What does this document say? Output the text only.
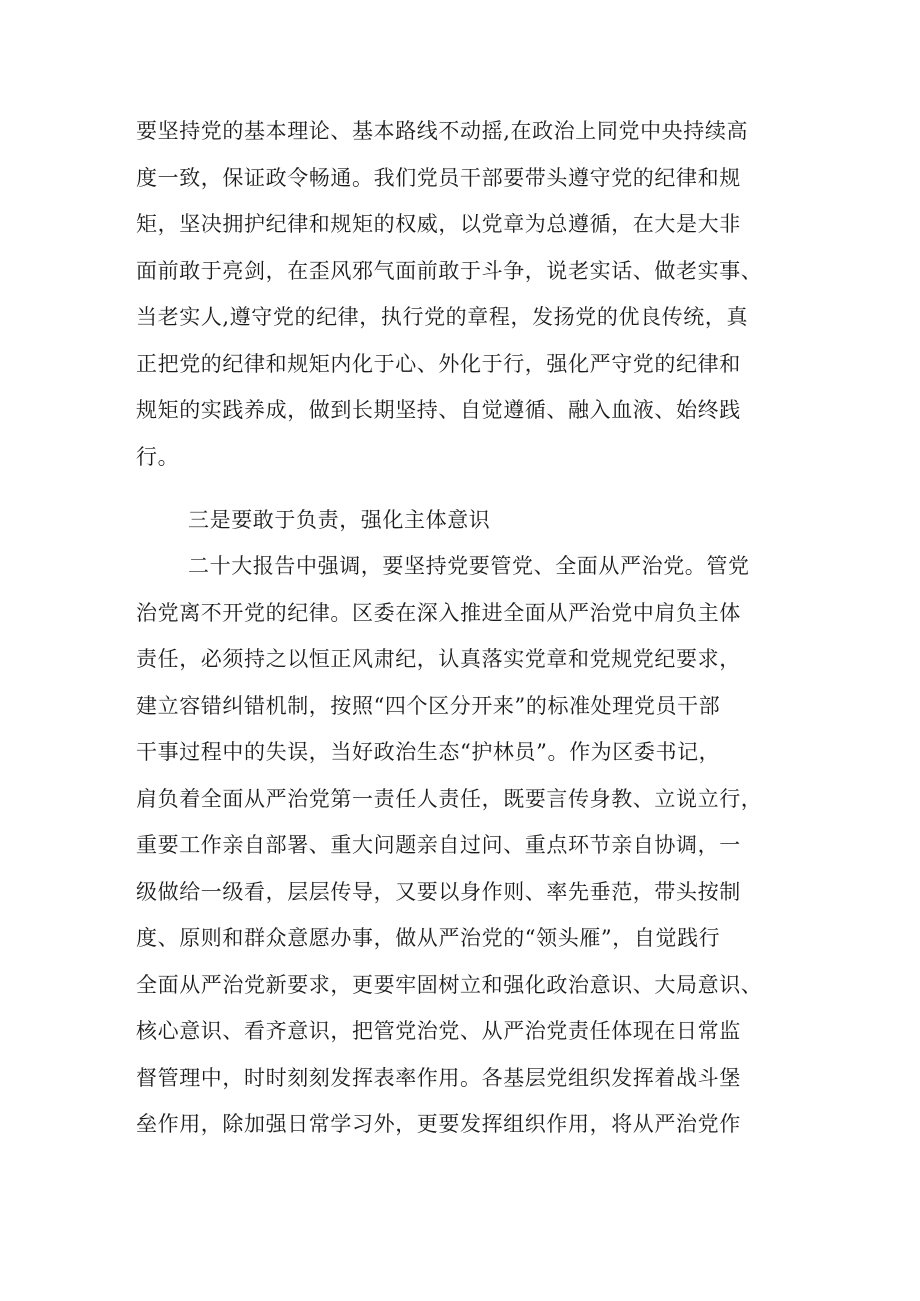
要坚持党的基本理论、基本路线不动摇,在政治上同党中央持续高
度一致，保证政令畅通。我们党员干部要带头遵守党的纪律和规
矩，坚决拥护纪律和规矩的权威，以党章为总遵循，在大是大非
面前敢于亮剑，在歪风邪气面前敢于斗争，说老实话、做老实事、
当老实人,遵守党的纪律，执行党的章程，发扬党的优良传统，真
正把党的纪律和规矩内化于心、外化于行，强化严守党的纪律和
规矩的实践养成，做到长期坚持、自觉遵循、融入血液、始终践
行。
三是要敢于负责，强化主体意识
二十大报告中强调，要坚持党要管党、全面从严治党。管党
治党离不开党的纪律。区委在深入推进全面从严治党中肩负主体
责任，必须持之以恒正风肃纪，认真落实党章和党规党纪要求，
建立容错纠错机制，按照“四个区分开来”的标准处理党员干部
干事过程中的失误，当好政治生态“护林员”。作为区委书记，
肩负着全面从严治党第一责任人责任，既要言传身教、立说立行，
重要工作亲自部署、重大问题亲自过问、重点环节亲自协调，一
级做给一级看，层层传导，又要以身作则、率先垂范，带头按制
度、原则和群众意愿办事，做从严治党的“领头雁”，自觉践行
全面从严治党新要求，更要牢固树立和强化政治意识、大局意识、
核心意识、看齐意识，把管党治党、从严治党责任体现在日常监
督管理中，时时刻刻发挥表率作用。各基层党组织发挥着战斗堡
垒作用，除加强日常学习外，更要发挥组织作用，将从严治党作
